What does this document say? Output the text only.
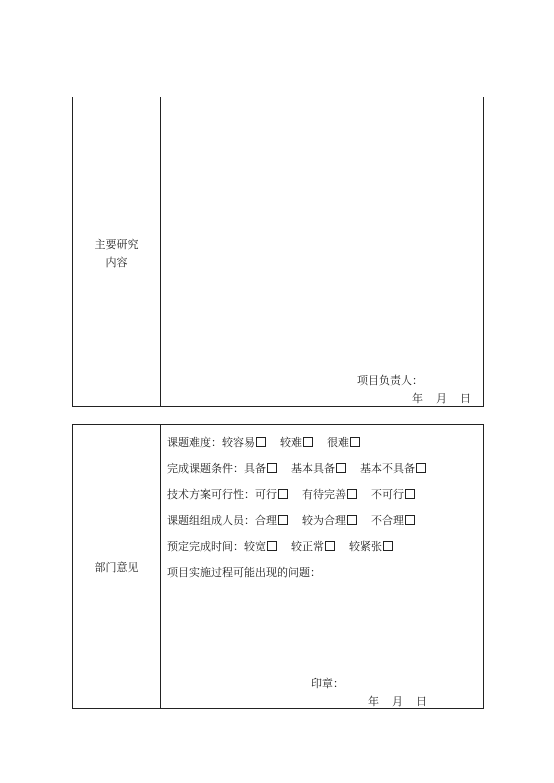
主要研究
内容
项目负责人：
年 月 日
部门意见
课题难度：较容易 较难 很难
完成课题条件：具备 基本具备 基本不具备
技术方案可行性：可行 有待完善 不可行
课题组组成人员：合理 较为合理 不合理
预定完成时间：较宽 较正常 较紧张
项目实施过程可能出现的问题：
印章：
年 月 日
